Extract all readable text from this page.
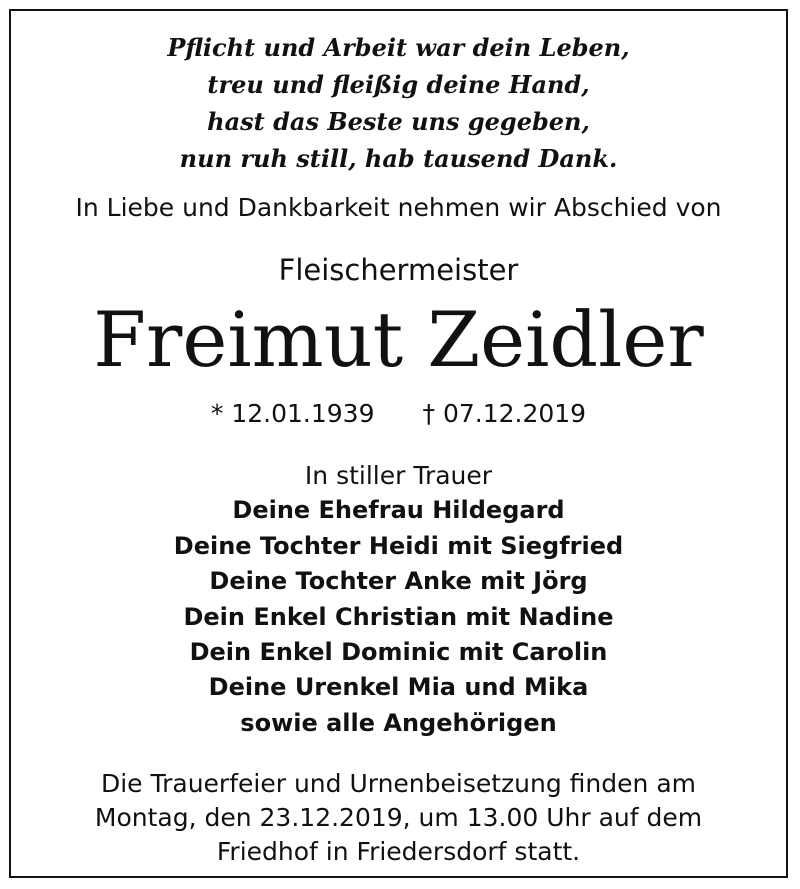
Pflicht und Arbeit war dein Leben,
treu und fleißig deine Hand,
hast das Beste uns gegeben,
nun ruh still, hab tausend Dank.
In Liebe und Dankbarkeit nehmen wir Abschied von
Fleischermeister
Freimut Zeidler
* 12.01.1939 † 07.12.2019
In stiller Trauer
Deine Ehefrau Hildegard
Deine Tochter Heidi mit Siegfried
Deine Tochter Anke mit Jörg
Dein Enkel Christian mit Nadine
Dein Enkel Dominic mit Carolin
Deine Urenkel Mia und Mika
sowie alle Angehörigen
Die Trauerfeier und Urnenbeisetzung finden am
Montag, den 23.12.2019, um 13.00 Uhr auf dem
Friedhof in Friedersdorf statt.
